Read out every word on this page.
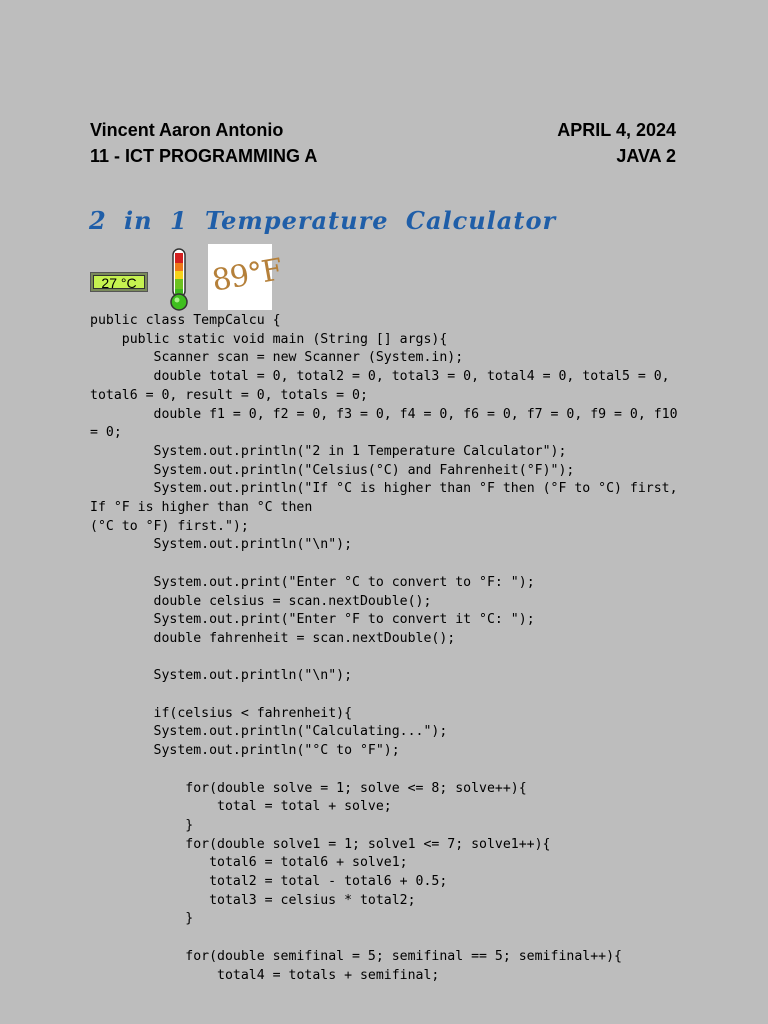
Vincent Aaron Antonio
11 - ICT PROGRAMMING A
APRIL 4, 2024
JAVA 2
2 in 1 Temperature Calculator
27 °C 89°F
public class TempCalcu {
public static void main (String [] args){
Scanner scan = new Scanner (System.in);
double total = 0, total2 = 0, total3 = 0, total4 = 0, total5 = 0, total6 = 0, result = 0, totals = 0;
double f1 = 0, f2 = 0, f3 = 0, f4 = 0, f6 = 0, f7 = 0, f9 = 0, f10 = 0;
System.out.println("2 in 1 Temperature Calculator");
System.out.println("Celsius(°C) and Fahrenheit(°F)");
System.out.println("If °C is higher than °F then (°F to °C) first, If °F is higher than °C then
(°C to °F) first.");
System.out.println("\n");
System.out.print("Enter °C to convert to °F: ");
double celsius = scan.nextDouble();
System.out.print("Enter °F to convert it °C: ");
double fahrenheit = scan.nextDouble();
System.out.println("\n");
if(celsius < fahrenheit){
System.out.println("Calculating...");
System.out.println("°C to °F");
for(double solve = 1; solve <= 8; solve++){
total = total + solve;
}
for(double solve1 = 1; solve1 <= 7; solve1++){
total6 = total6 + solve1;
total2 = total - total6 + 0.5;
total3 = celsius * total2;
}
for(double semifinal = 5; semifinal == 5; semifinal++){
total4 = totals + semifinal;
